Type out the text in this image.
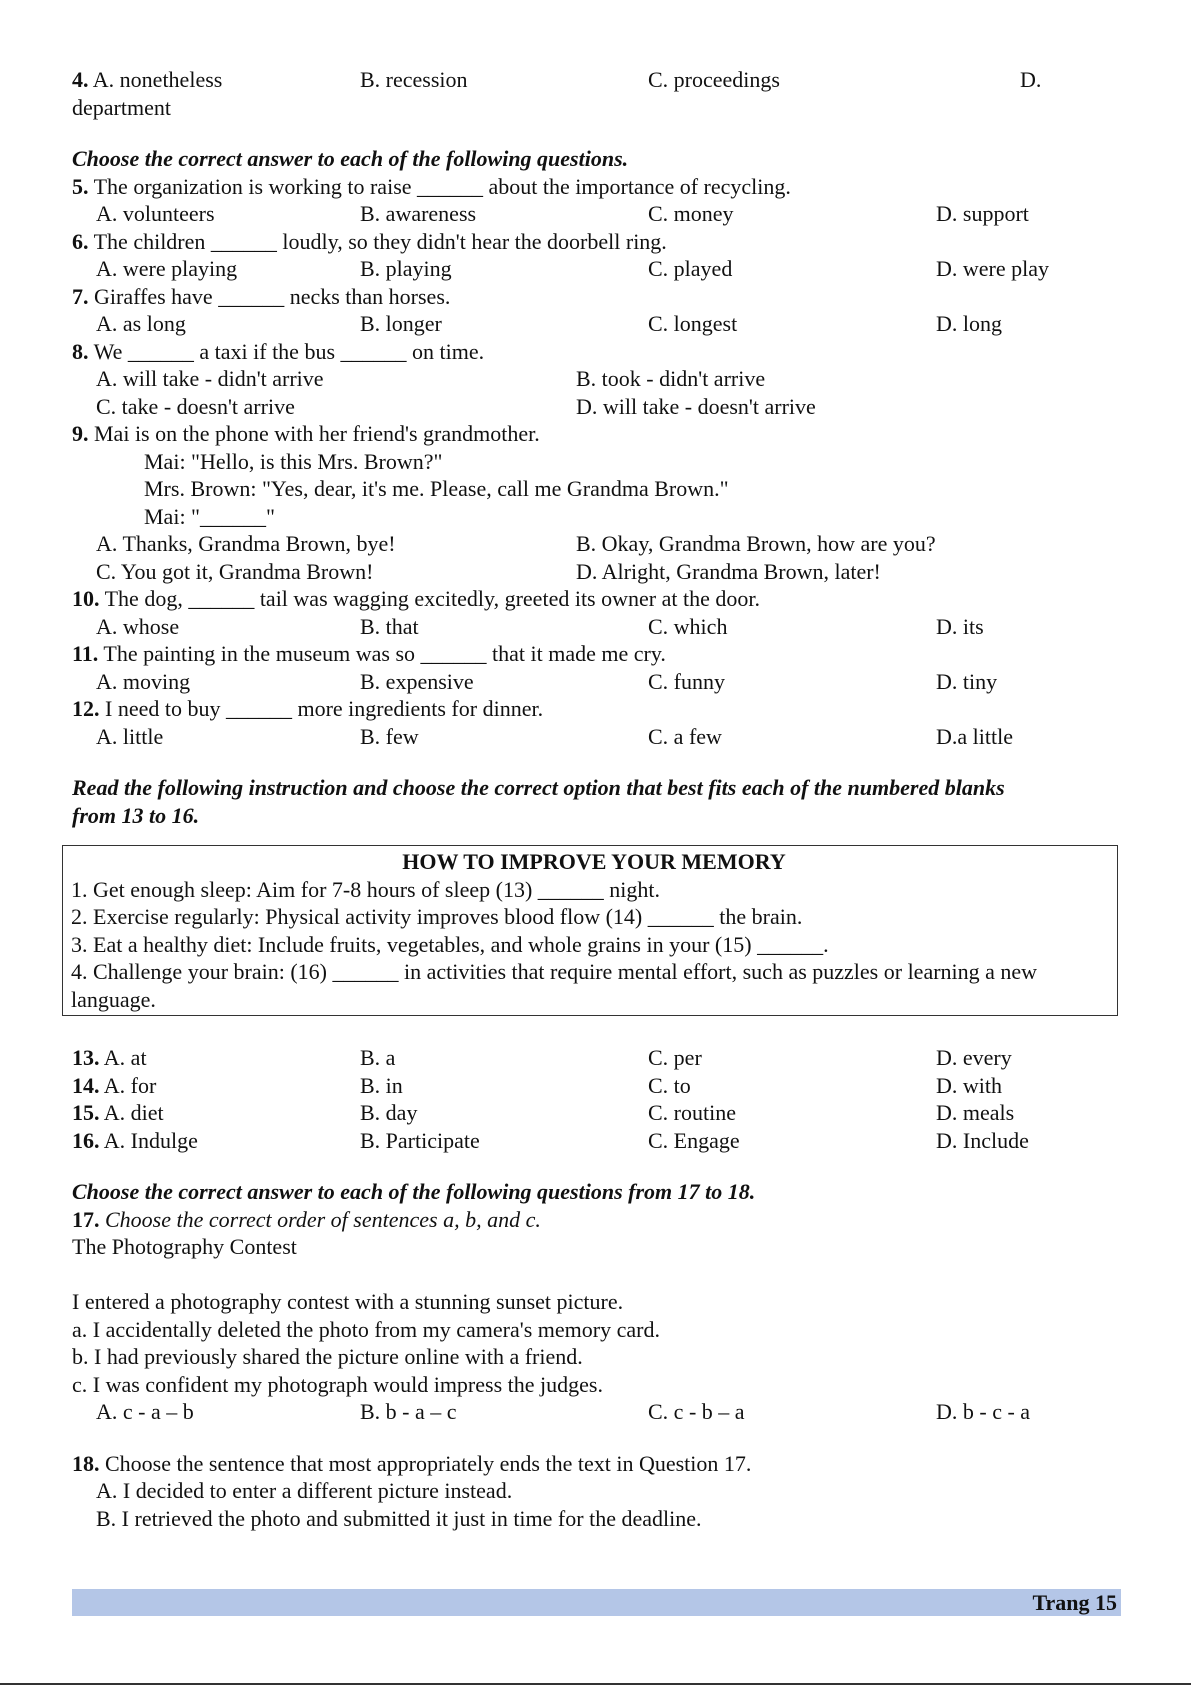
4. A. nonetheless	B. recession	C. proceedings	D.
department
Choose the correct answer to each of the following questions.
5. The organization is working to raise ______ about the importance of recycling.
A. volunteers	B. awareness	C. money	D. support
6. The children ______ loudly, so they didn't hear the doorbell ring.
A. were playing	B. playing	C. played	D. were play
7. Giraffes have ______ necks than horses.
A. as long	B. longer	C. longest	D. long
8. We ______ a taxi if the bus ______ on time.
A. will take - didn't arrive	B. took - didn't arrive
C. take - doesn't arrive	D. will take - doesn't arrive
9. Mai is on the phone with her friend's grandmother.
Mai: "Hello, is this Mrs. Brown?"
Mrs. Brown: "Yes, dear, it's me. Please, call me Grandma Brown."
Mai: "______"
A. Thanks, Grandma Brown, bye!	B. Okay, Grandma Brown, how are you?
C. You got it, Grandma Brown!	D. Alright, Grandma Brown, later!
10. The dog, ______ tail was wagging excitedly, greeted its owner at the door.
A. whose	B. that	C. which	D. its
11. The painting in the museum was so ______ that it made me cry.
A. moving	B. expensive	C. funny	D. tiny
12. I need to buy ______ more ingredients for dinner.
A. little	B. few	C. a few	D.a little
Read the following instruction and choose the correct option that best fits each of the numbered blanks
from 13 to 16.
HOW TO IMPROVE YOUR MEMORY
1. Get enough sleep: Aim for 7-8 hours of sleep (13) ______ night.
2. Exercise regularly: Physical activity improves blood flow (14) ______ the brain.
3. Eat a healthy diet: Include fruits, vegetables, and whole grains in your (15) ______.
4. Challenge your brain: (16) ______ in activities that require mental effort, such as puzzles or learning a new language.
13. A. at	B. a	C. per	D. every
14. A. for	B. in	C. to	D. with
15. A. diet	B. day	C. routine	D. meals
16. A. Indulge	B. Participate	C. Engage	D. Include
Choose the correct answer to each of the following questions from 17 to 18.
17. Choose the correct order of sentences a, b, and c.
The Photography Contest
I entered a photography contest with a stunning sunset picture.
a. I accidentally deleted the photo from my camera's memory card.
b. I had previously shared the picture online with a friend.
c. I was confident my photograph would impress the judges.
A. c - a – b	B. b - a – c	C. c - b – a	D. b - c - a
18. Choose the sentence that most appropriately ends the text in Question 17.
A. I decided to enter a different picture instead.
B. I retrieved the photo and submitted it just in time for the deadline.
Trang 15
